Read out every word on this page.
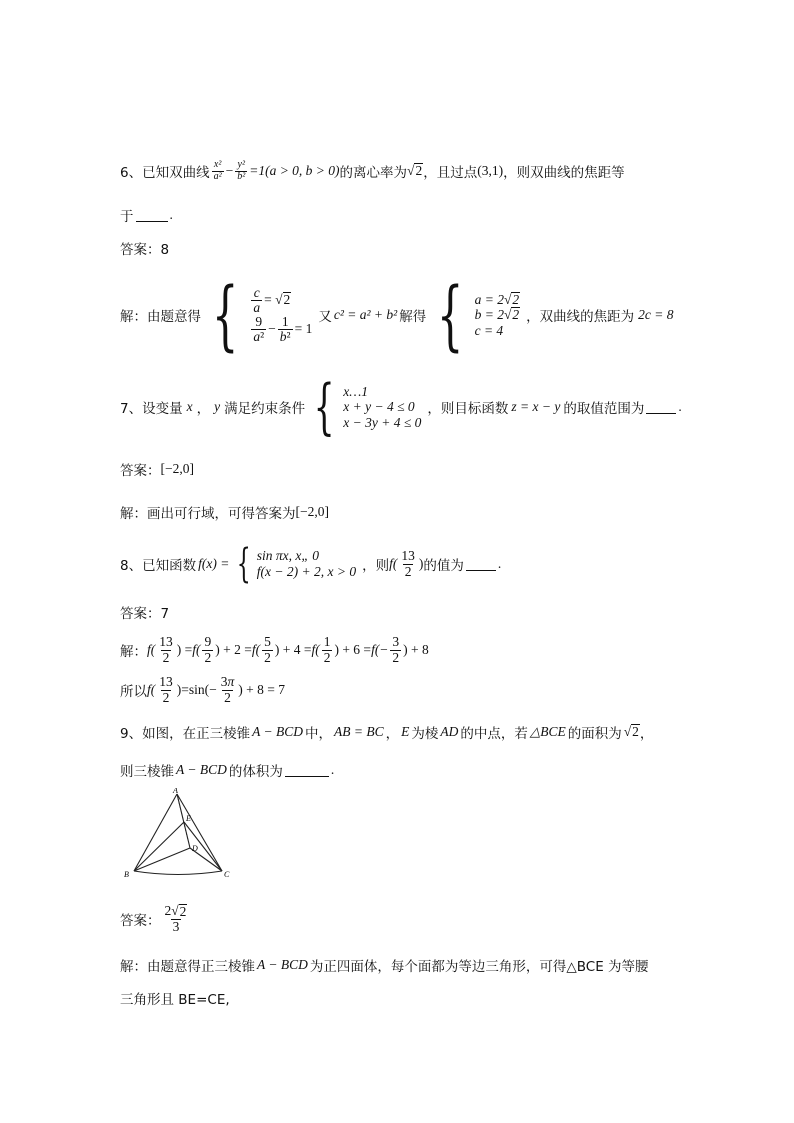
6、已知双曲线 $\frac{\text{x²}}{\text{a²}} - \frac{\text{y²}}{\text{b²}} =1(a > 0$, b > 0) 的离心率为 √ 2 ，且过点 (3,1) ，则双曲线的焦距等
于	.
答案：8
解：由题意得 { $\frac{c}{a}$ = √ 2
$\frac{9}{\text{a²}} - \frac{1}{\text{b²}} = 1$
又 c² = a² + b² 解得 { a = 2√ 2
b = 2√ 2
c = 4
，双曲线的焦距为 2c = 8
7、设变量 x ， y 满足约束条件 { x…1
x + y − 4 ≤ 0
x − 3y + 4 ≤ 0
，则目标函数 z = x − y 的取值范围为	.
答案： [−2,0]
解：画出可行域，可得答案为 [−2,0]
8、已知函数 f(x) = { sin πx, x„ 0
f(x − 2) + 2, x > 0 ，则 $f( \frac{13}{2}$ ) 的值为	.
答案：7
解： $f( \frac{13}{2}$ ) = $f( \frac{9}{2}$ ) + $2 = f( \frac{5}{2}$ ) + $4 = f( \frac{1}{2}$ ) + $6 = f(- \frac{3}{2}$ ) + 8
所以 $f( \frac{13}{2}$ ) $=\sin(- \frac{3\pi}{2}$ ) + 8 = 7
9、如图，在正三棱锥 A − BCD 中， AB = BC ， E 为棱 AD 的中点，若 △BCE 的面积为 √ 2 ，
则三棱锥 A − BCD 的体积为	.
A
B	C
D
E
答案： $\frac{2√ 2}{3}$
解：由题意得正三棱锥 A − BCD 为正四面体，每个面都为等边三角形，可得△BCE 为等腰
三角形且 BE=CE,
